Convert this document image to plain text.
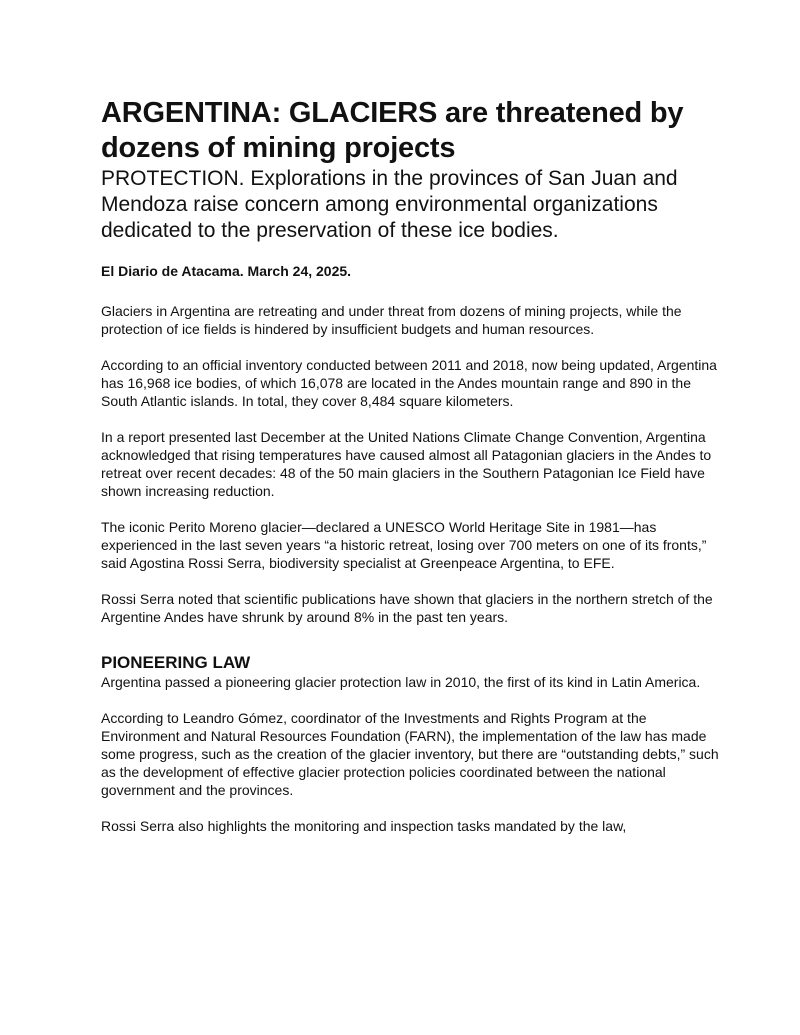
ARGENTINA: GLACIERS are threatened by dozens of mining projects

PROTECTION. Explorations in the provinces of San Juan and Mendoza raise concern among environmental organizations dedicated to the preservation of these ice bodies.

El Diario de Atacama. March 24, 2025.

Glaciers in Argentina are retreating and under threat from dozens of mining projects, while the protection of ice fields is hindered by insufficient budgets and human resources.

According to an official inventory conducted between 2011 and 2018, now being updated, Argentina has 16,968 ice bodies, of which 16,078 are located in the Andes mountain range and 890 in the South Atlantic islands. In total, they cover 8,484 square kilometers.

In a report presented last December at the United Nations Climate Change Convention, Argentina acknowledged that rising temperatures have caused almost all Patagonian glaciers in the Andes to retreat over recent decades: 48 of the 50 main glaciers in the Southern Patagonian Ice Field have shown increasing reduction.

The iconic Perito Moreno glacier—declared a UNESCO World Heritage Site in 1981—has experienced in the last seven years “a historic retreat, losing over 700 meters on one of its fronts,” said Agostina Rossi Serra, biodiversity specialist at Greenpeace Argentina, to EFE.

Rossi Serra noted that scientific publications have shown that glaciers in the northern stretch of the Argentine Andes have shrunk by around 8% in the past ten years.

PIONEERING LAW

Argentina passed a pioneering glacier protection law in 2010, the first of its kind in Latin America.

According to Leandro Gómez, coordinator of the Investments and Rights Program at the Environment and Natural Resources Foundation (FARN), the implementation of the law has made some progress, such as the creation of the glacier inventory, but there are “outstanding debts,” such as the development of effective glacier protection policies coordinated between the national government and the provinces.

Rossi Serra also highlights the monitoring and inspection tasks mandated by the law,
